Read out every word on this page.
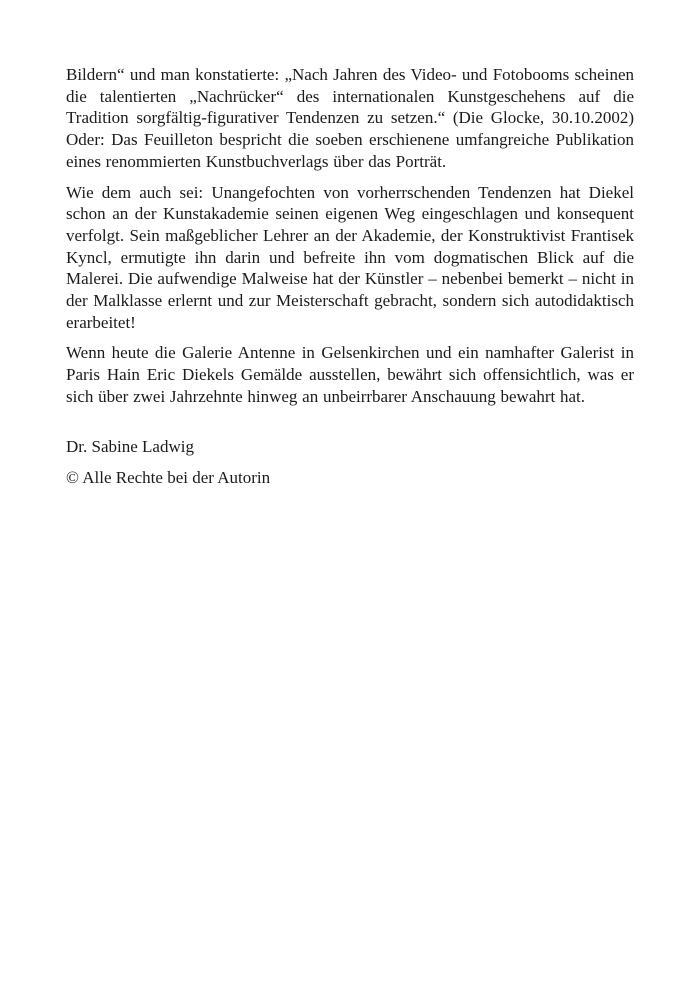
Bildern“ und man konstatierte: „Nach Jahren des Video- und Fotobooms scheinen die talentierten „Nachrücker“ des internationalen Kunstgeschehens auf die Tradition sorgfältig-figurativer Tendenzen zu setzen.“ (Die Glocke, 30.10.2002) Oder: Das Feuilleton bespricht die soeben erschienene umfangreiche Publikation eines renommierten Kunstbuchverlags über das Porträt.

Wie dem auch sei: Unangefochten von vorherrschenden Tendenzen hat Diekel schon an der Kunstakademie seinen eigenen Weg eingeschlagen und konsequent verfolgt. Sein maßgeblicher Lehrer an der Akademie, der Konstruktivist Frantisek Kyncl, ermutigte ihn darin und befreite ihn vom dogmatischen Blick auf die Malerei. Die aufwendige Malweise hat der Künstler – nebenbei bemerkt – nicht in der Malklasse erlernt und zur Meisterschaft gebracht, sondern sich autodidaktisch erarbeitet!

Wenn heute die Galerie Antenne in Gelsenkirchen und ein namhafter Galerist in Paris Hain Eric Diekels Gemälde ausstellen, bewährt sich offensichtlich, was er sich über zwei Jahrzehnte hinweg an unbeirrbarer Anschauung bewahrt hat.

Dr. Sabine Ladwig

© Alle Rechte bei der Autorin
